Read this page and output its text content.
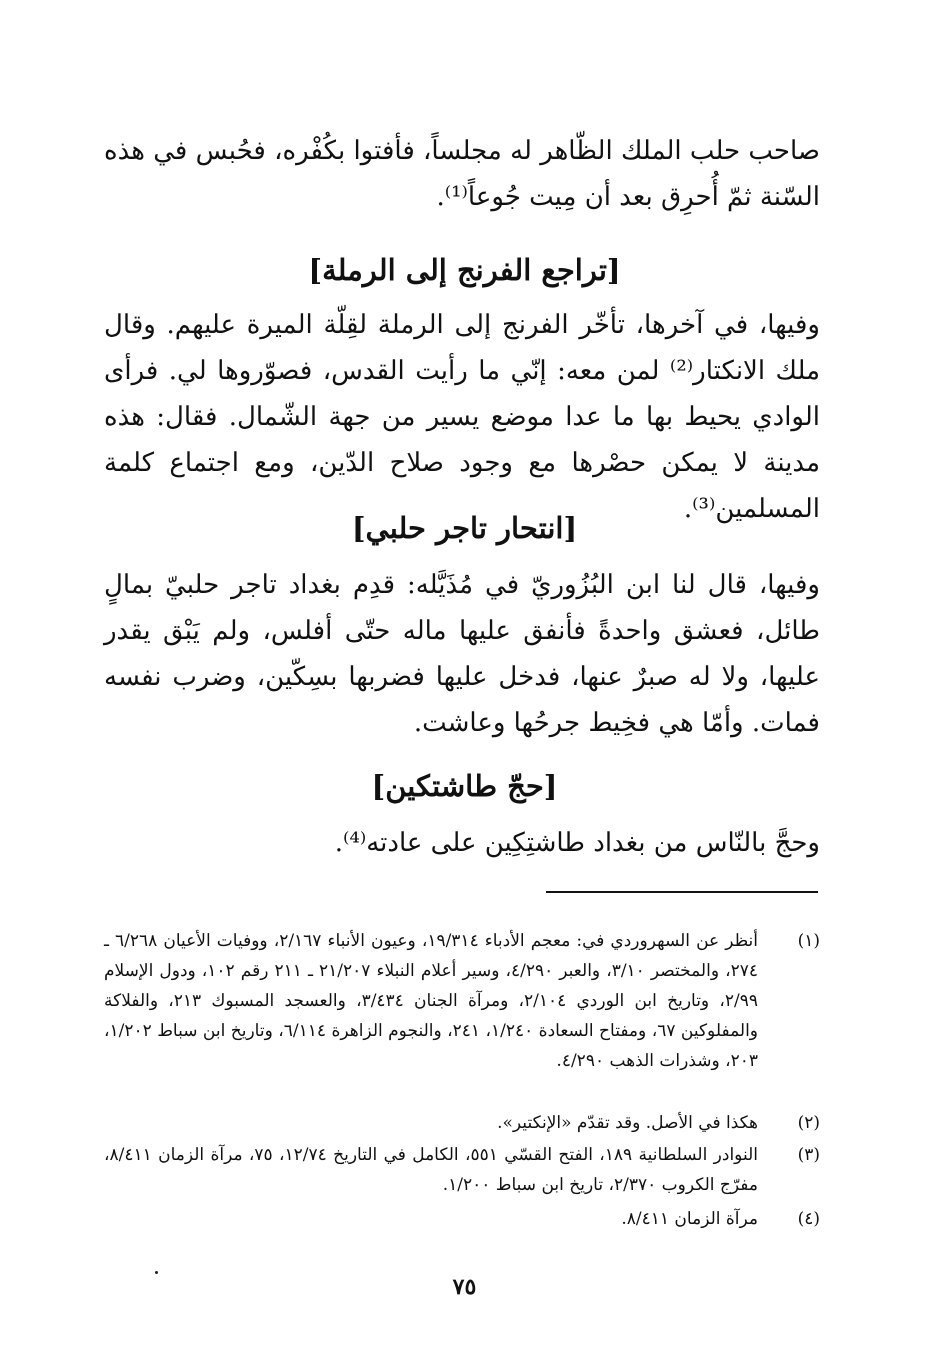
صاحب حلب الملك الظّاهر له مجلساً، فأفتوا بكُفْره، فحُبس في هذه السّنة ثمّ أُحرِق بعد أن مِيت جُوعاً⁽¹⁾.

[تراجع الفرنج إلى الرملة]

وفيها، في آخرها، تأخّر الفرنج إلى الرملة لقِلّة الميرة عليهم. وقال ملك الانكتار⁽²⁾ لمن معه: إنّي ما رأيت القدس، فصوّروها لي. فرأى الوادي يحيط بها ما عدا موضع يسير من جهة الشّمال. فقال: هذه مدينة لا يمكن حصْرها مع وجود صلاح الدّين، ومع اجتماع كلمة المسلمين⁽³⁾.

[انتحار تاجر حلبي]

وفيها، قال لنا ابن البُزُوريّ في مُذَيَّله: قدِم بغداد تاجر حلبيّ بمالٍ طائل، فعشق واحدةً فأنفق عليها ماله حتّى أفلس، ولم يَبْق يقدر عليها، ولا له صبرٌ عنها، فدخل عليها فضربها بسِكّين، وضرب نفسه فمات. وأمّا هي فخِيط جرحُها وعاشت.

[حجّ طاشتكين]

وحجَّ بالنّاس من بغداد طاشتِكِين على عادته⁽⁴⁾.

(١)
أنظر عن السهروردي في: معجم الأدباء ١٩/٣١٤، وعيون الأنباء ٢/١٦٧، ووفيات الأعيان ٦/٢٦٨ ـ ٢٧٤، والمختصر ٣/١٠، والعبر ٤/٢٩٠، وسير أعلام النبلاء ٢١/٢٠٧ ـ ٢١١ رقم ١٠٢، ودول الإسلام ٢/٩٩، وتاريخ ابن الوردي ٢/١٠٤، ومرآة الجنان ٣/٤٣٤، والعسجد المسبوك ٢١٣، والفلاكة والمفلوكين ٦٧، ومفتاح السعادة ١/٢٤٠، ٢٤١، والنجوم الزاهرة ٦/١١٤، وتاريخ ابن سباط ١/٢٠٢، ٢٠٣، وشذرات الذهب ٤/٢٩٠.
(٢)
هكذا في الأصل. وقد تقدّم «الإنكتير».
(٣)
النوادر السلطانية ١٨٩، الفتح القسّي ٥٥١، الكامل في التاريخ ١٢/٧٤، ٧٥، مرآة الزمان ٨/٤١١، مفرّج الكروب ٢/٣٧٠، تاريخ ابن سباط ١/٢٠٠.
(٤)
مرآة الزمان ٨/٤١١.
٧٥
